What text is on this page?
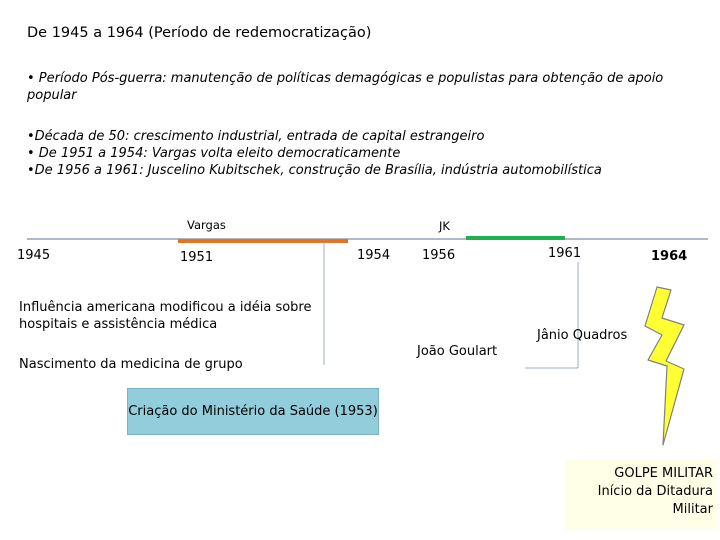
De 1945 a 1964 (Período de redemocratização)
• Período Pós-guerra: manutenção de políticas demagógicas e populistas para obtenção de apoio popular
•Década de 50: crescimento industrial, entrada de capital estrangeiro
• De 1951 a 1954: Vargas volta eleito democraticamente
•De 1956 a 1961: Juscelino Kubitschek, construção de Brasília, indústria automobilística
Vargas	JK
1945	1951	1954 1956	1961	1964
Influência americana modificou a idéia sobre hospitais e assistência médica
Nascimento da medicina de grupo
Criação do Ministério da Saúde (1953)
João Goulart
Jânio Quadros
GOLPE MILITAR
Início da Ditadura
Militar
